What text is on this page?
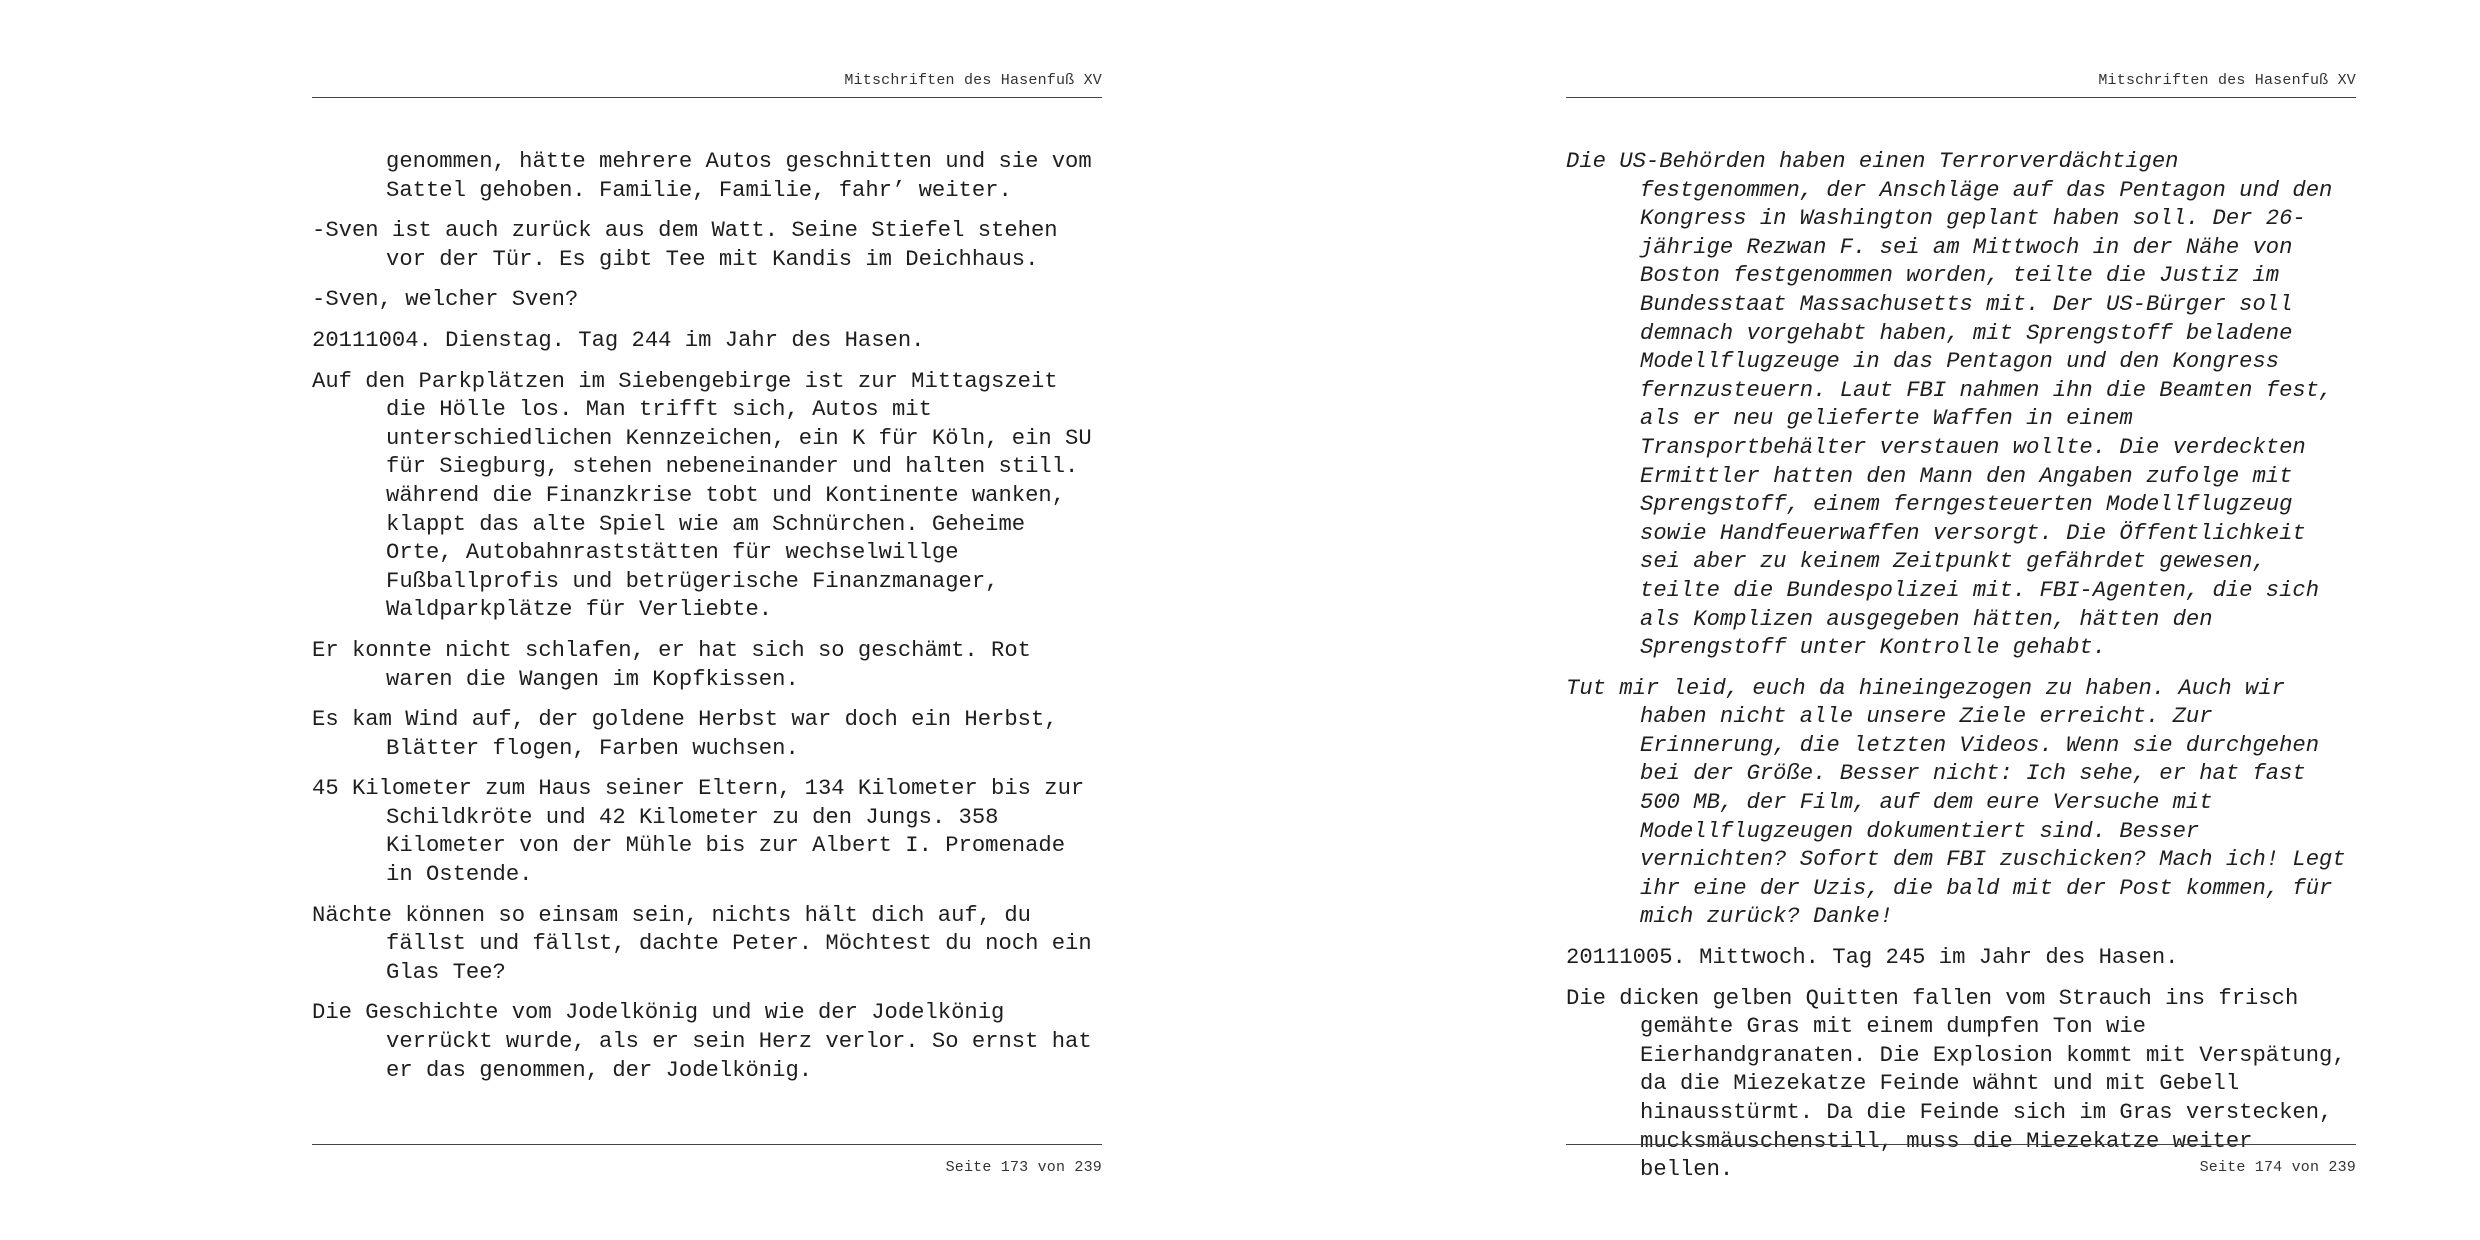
Mitschriften des Hasenfuß XV

genommen, hätte mehrere Autos geschnitten und sie vom Sattel gehoben. Familie, Familie, fahr’ weiter.

-Sven ist auch zurück aus dem Watt. Seine Stiefel stehen vor der Tür. Es gibt Tee mit Kandis im Deichhaus.

-Sven, welcher Sven?

20111004. Dienstag. Tag 244 im Jahr des Hasen.

Auf den Parkplätzen im Siebengebirge ist zur Mittagszeit die Hölle los. Man trifft sich, Autos mit unterschiedlichen Kennzeichen, ein K für Köln, ein SU für Siegburg, stehen nebeneinander und halten still. während die Finanzkrise tobt und Kontinente wanken, klappt das alte Spiel wie am Schnürchen. Geheime Orte, Autobahnraststätten für wechselwillge Fußballprofis und betrügerische Finanzmanager, Waldparkplätze für Verliebte.

Er konnte nicht schlafen, er hat sich so geschämt. Rot waren die Wangen im Kopfkissen.

Es kam Wind auf, der goldene Herbst war doch ein Herbst, Blätter flogen, Farben wuchsen.

45 Kilometer zum Haus seiner Eltern, 134 Kilometer bis zur Schildkröte und 42 Kilometer zu den Jungs. 358 Kilometer von der Mühle bis zur Albert I. Promenade in Ostende.

Nächte können so einsam sein, nichts hält dich auf, du fällst und fällst, dachte Peter. Möchtest du noch ein Glas Tee?

Die Geschichte vom Jodelkönig und wie der Jodelkönig verrückt wurde, als er sein Herz verlor. So ernst hat er das genommen, der Jodelkönig.

Seite 173 von 239
Mitschriften des Hasenfuß XV

Die US-Behörden haben einen Terrorverdächtigen festgenommen, der Anschläge auf das Pentagon und den Kongress in Washington geplant haben soll. Der 26-jährige Rezwan F. sei am Mittwoch in der Nähe von Boston festgenommen worden, teilte die Justiz im Bundesstaat Massachusetts mit. Der US-Bürger soll demnach vorgehabt haben, mit Sprengstoff beladene Modellflugzeuge in das Pentagon und den Kongress fernzusteuern. Laut FBI nahmen ihn die Beamten fest, als er neu gelieferte Waffen in einem Transportbehälter verstauen wollte. Die verdeckten Ermittler hatten den Mann den Angaben zufolge mit Sprengstoff, einem ferngesteuerten Modellflugzeug sowie Handfeuerwaffen versorgt. Die Öffentlichkeit sei aber zu keinem Zeitpunkt gefährdet gewesen, teilte die Bundespolizei mit. FBI-Agenten, die sich als Komplizen ausgegeben hätten, hätten den Sprengstoff unter Kontrolle gehabt.

Tut mir leid, euch da hineingezogen zu haben. Auch wir haben nicht alle unsere Ziele erreicht. Zur Erinnerung, die letzten Videos. Wenn sie durchgehen bei der Größe. Besser nicht: Ich sehe, er hat fast 500 MB, der Film, auf dem eure Versuche mit Modellflugzeugen dokumentiert sind. Besser vernichten? Sofort dem FBI zuschicken? Mach ich! Legt ihr eine der Uzis, die bald mit der Post kommen, für mich zurück? Danke!

20111005. Mittwoch. Tag 245 im Jahr des Hasen.

Die dicken gelben Quitten fallen vom Strauch ins frisch gemähte Gras mit einem dumpfen Ton wie Eierhandgranaten. Die Explosion kommt mit Verspätung, da die Miezekatze Feinde wähnt und mit Gebell hinausstürmt. Da die Feinde sich im Gras verstecken, mucksmäuschenstill, muss die Miezekatze weiter bellen.	Seite 174 von 239
